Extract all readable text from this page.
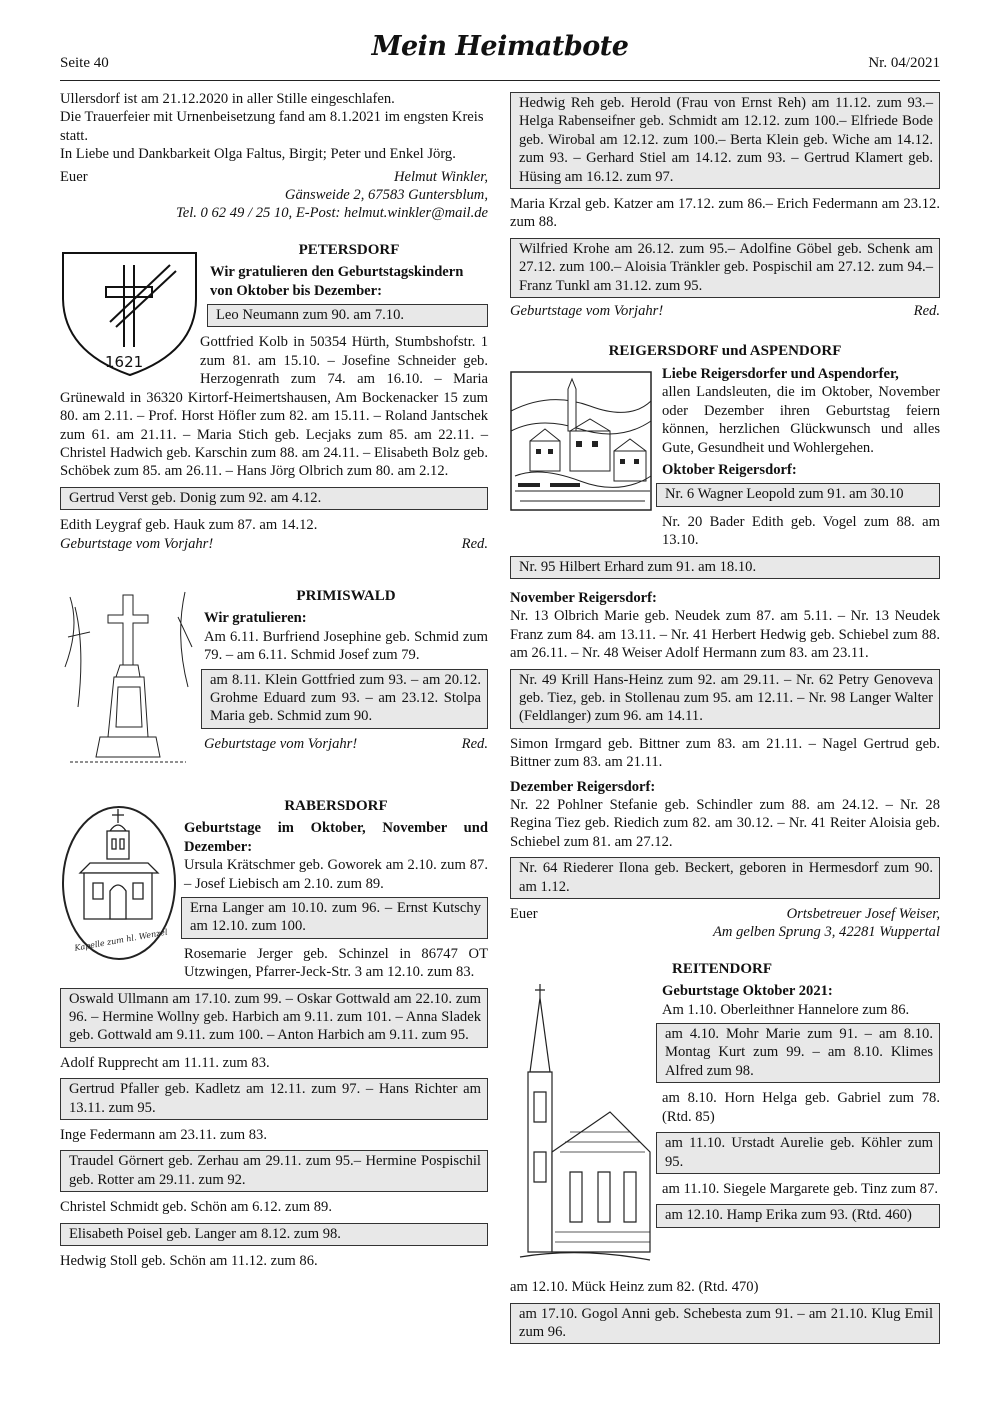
Seite 40
Mein Heimatbote
Nr. 04/2021

Ullersdorf ist am 21.12.2020 in aller Stille eingeschlafen.

Die Trauerfeier mit Urnenbeisetzung fand am 8.1.2021 im engsten Kreis statt.

In Liebe und Dankbarkeit Olga Faltus, Birgit; Peter und Enkel Jörg.

Euer	Helmut Winkler,
Gänsweide 2, 67583 Guntersblum,
Tel. 0 62 49 / 25 10, E-Post: helmut.winkler@mail.de
1621
PETERSDORF

Wir gratulieren den Geburtstagskindern von Oktober bis Dezember:

Leo Neumann zum 90. am 7.10.

Gottfried Kolb in 50354 Hürth, Stumbshofstr. 1 zum 81. am 15.10. – Josefine Schneider geb. Herzogenrath zum 74. am 16.10. – Maria Grünewald in 36320 Kirtorf-Heimertshausen, Am Bockenacker 15 zum 80. am 2.11. – Prof. Horst Höfler zum 82. am 15.11. – Roland Jantschek zum 61. am 21.11. – Maria Stich geb. Lecjaks zum 85. am 22.11. – Christel Hadwich geb. Karschin zum 88. am 24.11. – Elisabeth Bolz geb. Schöbek zum 85. am 26.11. – Hans Jörg Olbrich zum 80. am 2.12.

Gertrud Verst geb. Donig zum 92. am 4.12.

Edith Leygraf geb. Hauk zum 87. am 14.12.

Geburtstage vom Vorjahr!	Red.
PRIMISWALD

Wir gratulieren:

Am 6.11. Burfriend Josephine geb. Schmid zum 79. – am 6.11. Schmid Josef zum 79.

am 8.11. Klein Gottfried zum 93. – am 20.12. Grohme Eduard zum 93. – am 23.12. Stolpa Maria geb. Schmid zum 90.
Geburtstage vom Vorjahr!	Red.
Kapelle zum hl. Wenzel
RABERSDORF

Geburtstage im Oktober, November und Dezember:

Ursula Krätschmer geb. Goworek am 2.10. zum 87. – Josef Liebisch am 2.10. zum 89.

Erna Langer am 10.10. zum 96. – Ernst Kutschy am 12.10. zum 100.

Rosemarie Jerger geb. Schinzel in 86747 OT Utzwingen, Pfarrer-Jeck-Str. 3 am 12.10. zum 83.

Oswald Ullmann am 17.10. zum 99. – Oskar Gottwald am 22.10. zum 96. – Hermine Wollny geb. Harbich am 9.11. zum 101. – Anna Sladek geb. Gottwald am 9.11. zum 100. – Anton Harbich am 9.11. zum 95.

Adolf Rupprecht am 11.11. zum 83.

Gertrud Pfaller geb. Kadletz am 12.11. zum 97. – Hans Richter am 13.11. zum 95.

Inge Federmann am 23.11. zum 83.

Traudel Görnert geb. Zerhau am 29.11. zum 95.– Hermine Pospischil geb. Rotter am 29.11. zum 92.

Christel Schmidt geb. Schön am 6.12. zum 89.

Elisabeth Poisel geb. Langer am 8.12. zum 98.

Hedwig Stoll geb. Schön am 11.12. zum 86.

Hedwig Reh geb. Herold (Frau von Ernst Reh) am 11.12. zum 93.– Helga Rabenseifner geb. Schmidt am 12.12. zum 100.– Elfriede Bode geb. Wirobal am 12.12. zum 100.– Berta Klein geb. Wiche am 14.12. zum 93. – Gerhard Stiel am 14.12. zum 93. – Gertrud Klamert geb. Hüsing am 16.12. zum 97.

Maria Krzal geb. Katzer am 17.12. zum 86.– Erich Federmann am 23.12. zum 88.

Wilfried Krohe am 26.12. zum 95.– Adolfine Göbel geb. Schenk am 27.12. zum 100.– Aloisia Tränkler geb. Pospischil am 27.12. zum 94.– Franz Tunkl am 31.12. zum 95.
Geburtstage vom Vorjahr!	Red.
REIGERSDORF und ASPENDORF

Liebe Reigersdorfer und Aspendorfer,

allen Landsleuten, die im Oktober, November oder Dezember ihren Geburtstag feiern können, herzlichen Glückwunsch und alles Gute, Gesundheit und Wohlergehen.

Oktober Reigersdorf:

Nr. 6 Wagner Leopold zum 91. am 30.10

Nr. 20 Bader Edith geb. Vogel zum 88. am 13.10.

Nr. 95 Hilbert Erhard zum 91. am 18.10.

November Reigersdorf:

Nr. 13 Olbrich Marie geb. Neudek zum 87. am 5.11. – Nr. 13 Neudek Franz zum 84. am 13.11. – Nr. 41 Herbert Hedwig geb. Schiebel zum 88. am 26.11. – Nr. 48 Weiser Adolf Hermann zum 83. am 23.11.

Nr. 49 Krill Hans-Heinz zum 92. am 29.11. – Nr. 62 Petry Genoveva geb. Tiez, geb. in Stollenau zum 95. am 12.11. – Nr. 98 Langer Walter (Feldlanger) zum 96. am 14.11.

Simon Irmgard geb. Bittner zum 83. am 21.11. – Nagel Gertrud geb. Bittner zum 83. am 21.11.

Dezember Reigersdorf:

Nr. 22 Pohlner Stefanie geb. Schindler zum 88. am 24.12. – Nr. 28 Regina Tiez geb. Riedich zum 82. am 30.12. – Nr. 41 Reiter Aloisia geb. Schiebel zum 81. am 27.12.

Nr. 64 Riederer Ilona geb. Beckert, geboren in Hermesdorf zum 90. am 1.12.
Euer	Ortsbetreuer Josef Weiser,
Am gelben Sprung 3, 42281 Wuppertal
REITENDORF

Geburtstage Oktober 2021:

Am 1.10. Oberleithner Hannelore zum 86.

am 4.10. Mohr Marie zum 91. – am 8.10. Montag Kurt zum 99. – am 8.10. Klimes Alfred zum 98.

am 8.10. Horn Helga geb. Gabriel zum 78. (Rtd. 85)

am 11.10. Urstadt Aurelie geb. Köhler zum 95.

am 11.10. Siegele Margarete geb. Tinz zum 87.

am 12.10. Hamp Erika zum 93. (Rtd. 460)

am 12.10. Mück Heinz zum 82. (Rtd. 470)

am 17.10. Gogol Anni geb. Schebesta zum 91. – am 21.10. Klug Emil zum 96.
